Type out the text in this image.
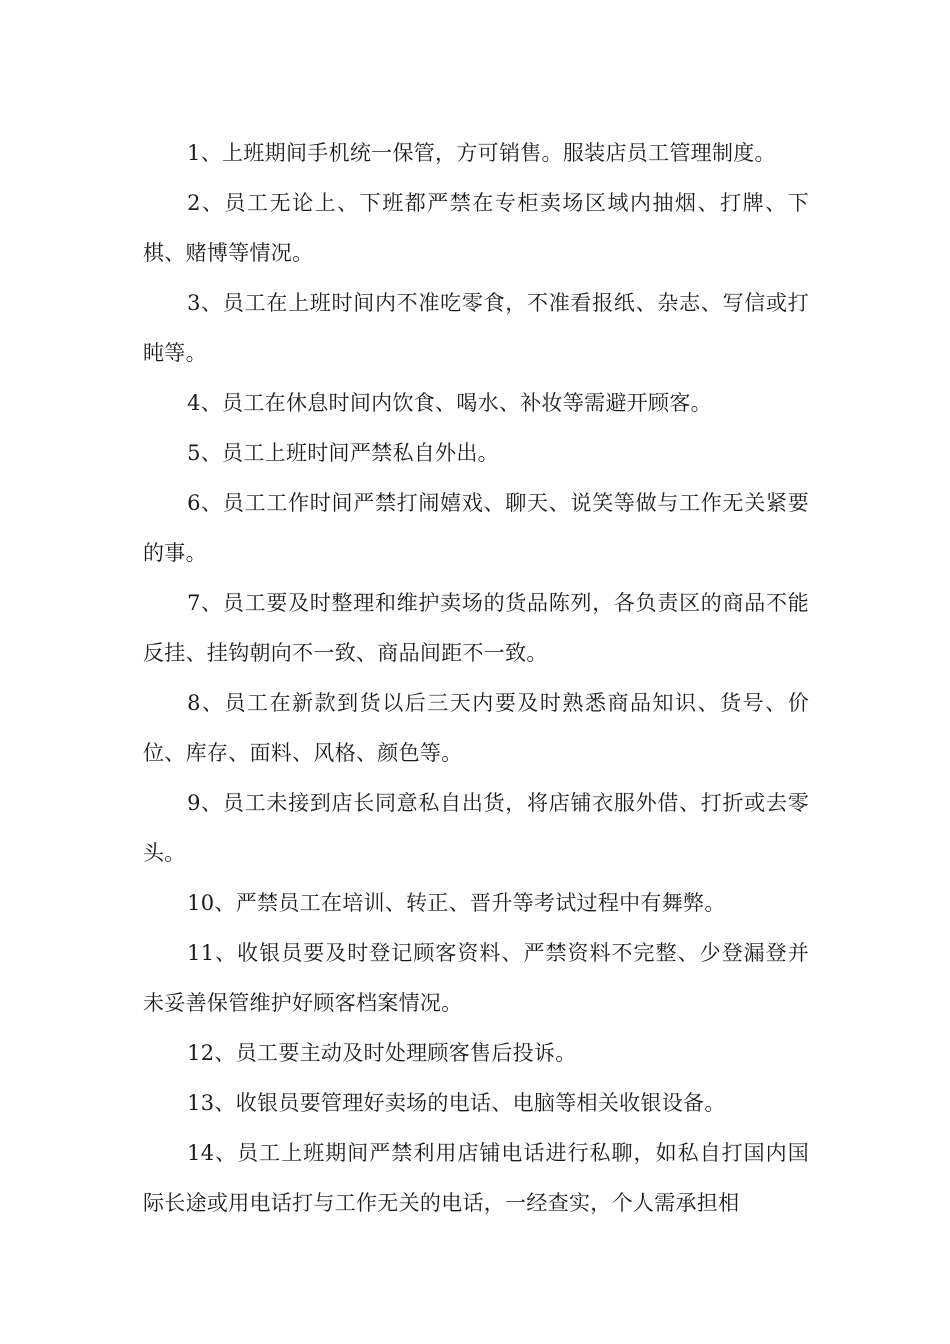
1、上班期间手机统一保管，方可销售。服装店员工管理制度。

2、员工无论上、下班都严禁在专柜卖场区域内抽烟、打牌、下棋、赌博等情况。

3、员工在上班时间内不准吃零食，不准看报纸、杂志、写信或打盹等。

4、员工在休息时间内饮食、喝水、补妆等需避开顾客。

5、员工上班时间严禁私自外出。

6、员工工作时间严禁打闹嬉戏、聊天、说笑等做与工作无关紧要的事。

7、员工要及时整理和维护卖场的货品陈列，各负责区的商品不能反挂、挂钩朝向不一致、商品间距不一致。

8、员工在新款到货以后三天内要及时熟悉商品知识、货号、价位、库存、面料、风格、颜色等。

9、员工未接到店长同意私自出货，将店铺衣服外借、打折或去零头。

10、严禁员工在培训、转正、晋升等考试过程中有舞弊。

11、收银员要及时登记顾客资料、严禁资料不完整、少登漏登并未妥善保管维护好顾客档案情况。

12、员工要主动及时处理顾客售后投诉。

13、收银员要管理好卖场的电话、电脑等相关收银设备。

14、员工上班期间严禁利用店铺电话进行私聊，如私自打国内国际长途或用电话打与工作无关的电话，一经查实，个人需承担相
